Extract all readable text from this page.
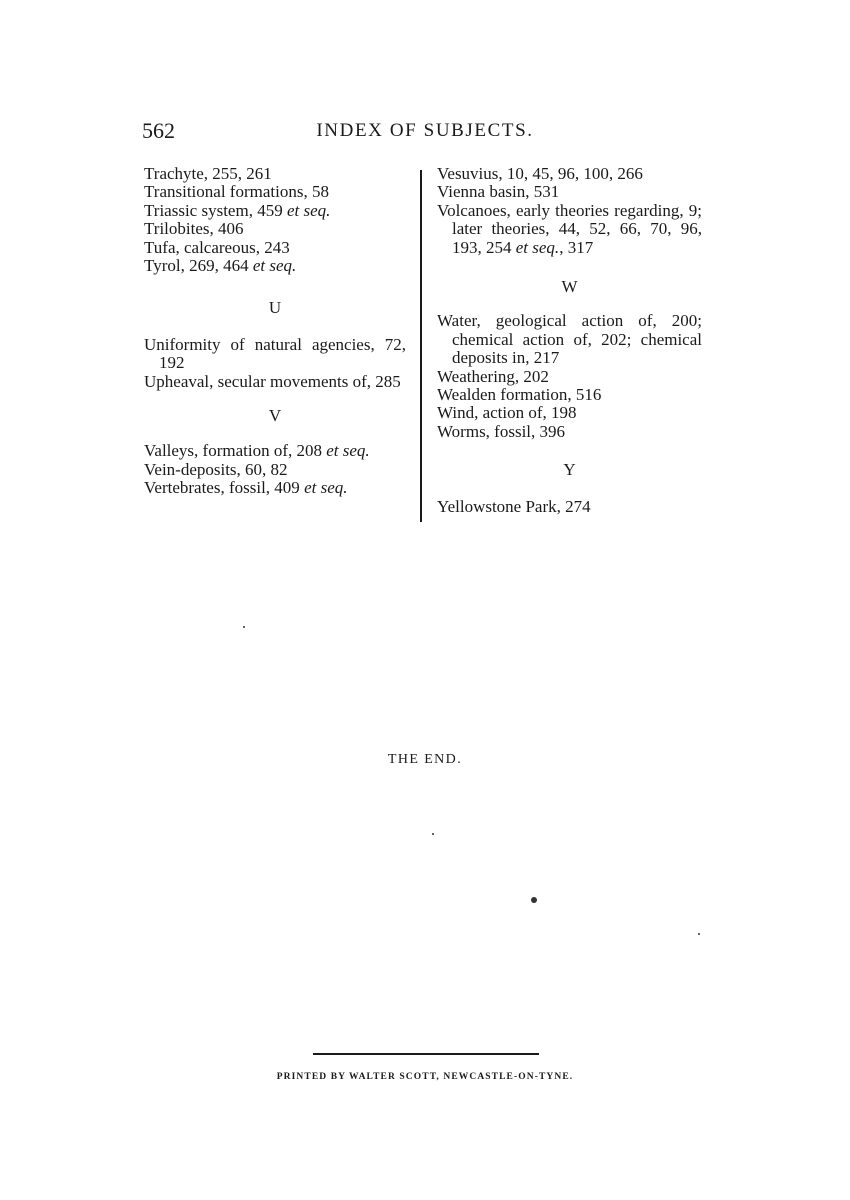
562	INDEX OF SUBJECTS.
Trachyte, 255, 261
Transitional formations, 58
Triassic system, 459 et seq.
Trilobites, 406
Tufa, calcareous, 243
Tyrol, 269, 464 et seq.
U
Uniformity of natural agencies, 72, 192
Upheaval, secular movements of, 285
V
Valleys, formation of, 208 et seq.
Vein-deposits, 60, 82
Vertebrates, fossil, 409 et seq.
Vesuvius, 10, 45, 96, 100, 266
Vienna basin, 531
Volcanoes, early theories regarding, 9; later theories, 44, 52, 66, 70, 96, 193, 254 et seq., 317
W
Water, geological action of, 200; chemical action of, 202; chemical deposits in, 217
Weathering, 202
Wealden formation, 516
Wind, action of, 198
Worms, fossil, 396
Y
Yellowstone Park, 274
THE END.
PRINTED BY WALTER SCOTT, NEWCASTLE-ON-TYNE.
